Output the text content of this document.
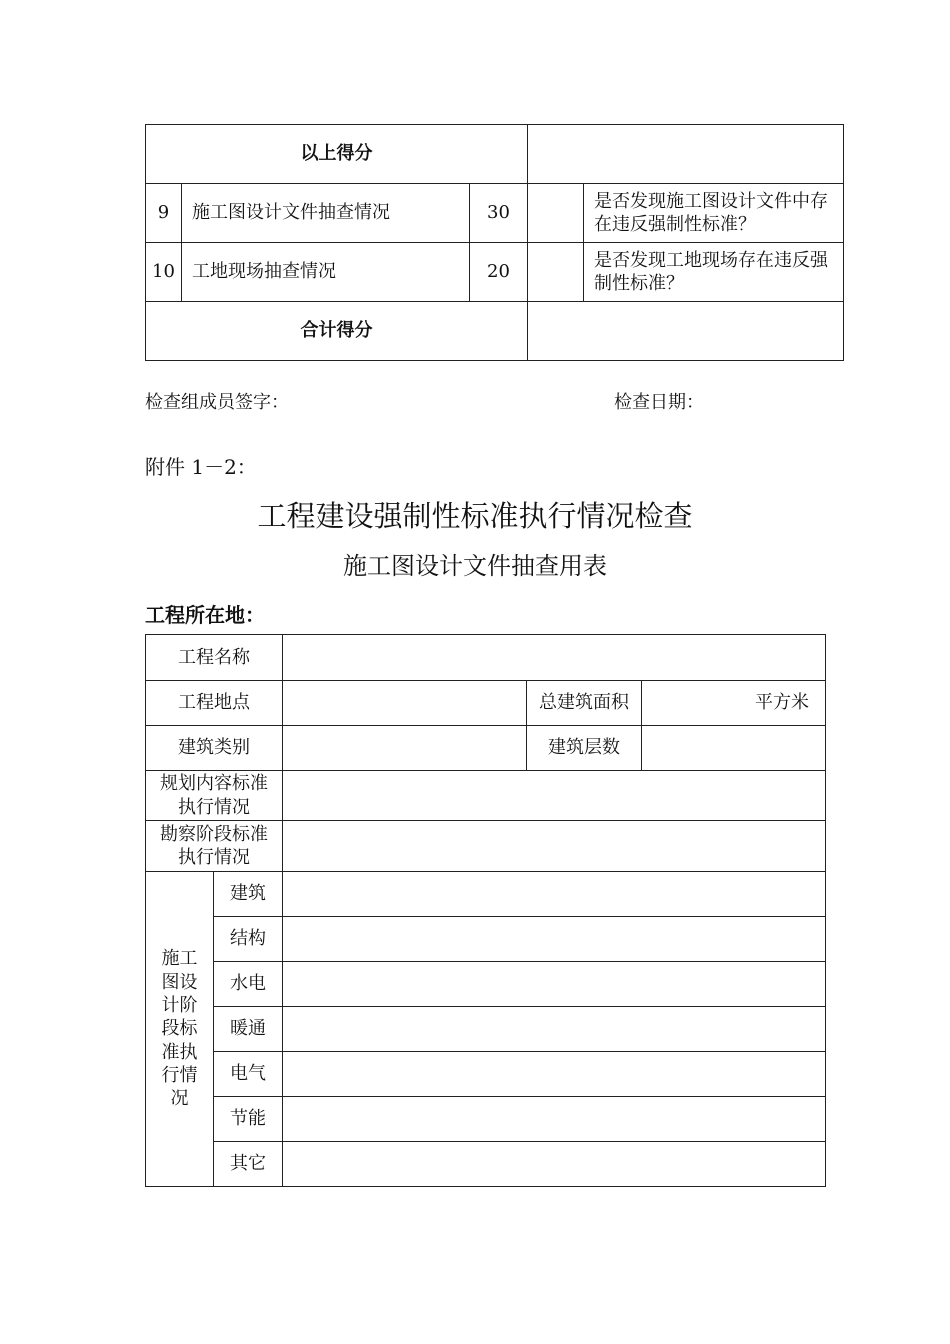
以上得分				
9	施工图设计文件抽查情况	30		是否发现施工图设计文件中存在违反强制性标准？
10	工地现场抽查情况	20		是否发现工地现场存在违反强制性标准？
合计得分				
检查组成员签字：	检查日期：
附件 1－2：
工程建设强制性标准执行情况检查
施工图设计文件抽查用表
工程所在地：
工程名称				
工程地点			总建筑面积	平方米
建筑类别			建筑层数	
规划内容标准执行情况				
勘察阶段标准执行情况				
施工图设计阶段标准执行情况	建筑			
	结构			
	水电			
	暖通			
	电气			
	节能			
	其它			
